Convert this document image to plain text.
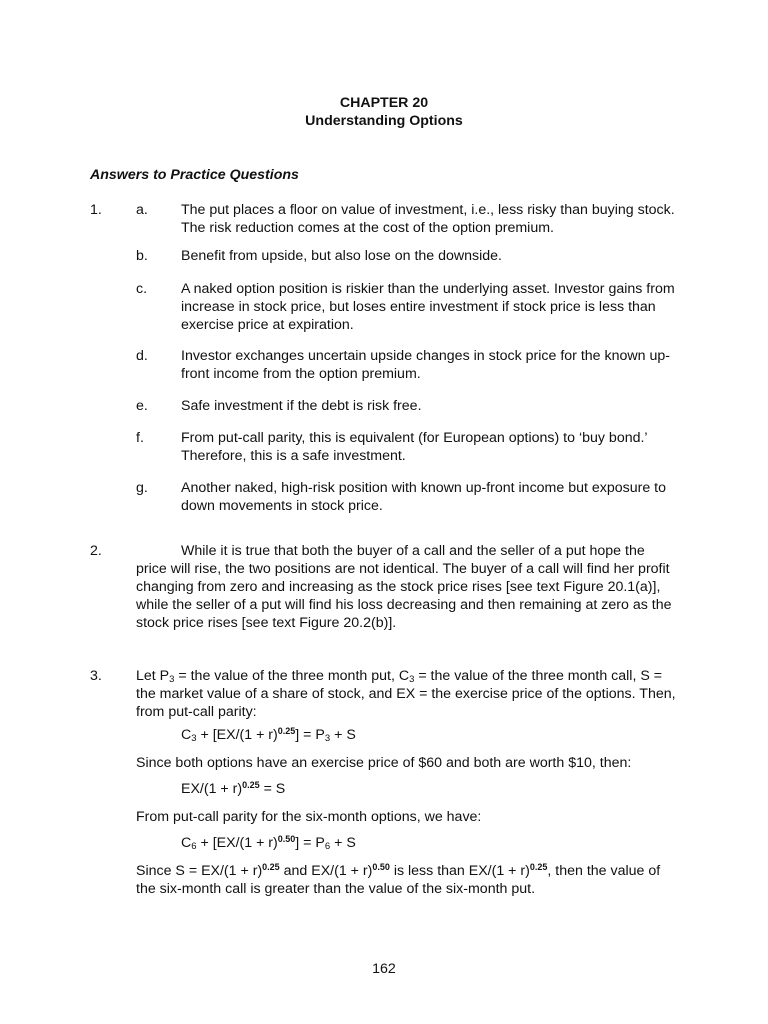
CHAPTER 20
Understanding Options
Answers to Practice Questions
1. a. The put places a floor on value of investment, i.e., less risky than buying stock. The risk reduction comes at the cost of the option premium.
b. Benefit from upside, but also lose on the downside.
c. A naked option position is riskier than the underlying asset. Investor gains from increase in stock price, but loses entire investment if stock price is less than exercise price at expiration.
d. Investor exchanges uncertain upside changes in stock price for the known up-front income from the option premium.
e. Safe investment if the debt is risk free.
f.	From put-call parity, this is equivalent (for European options) to ‘buy bond.’ Therefore, this is a safe investment.
g. Another naked, high-risk position with known up-front income but exposure to down movements in stock price.
2.	While it is true that both the buyer of a call and the seller of a put hope the price will rise, the two positions are not identical. The buyer of a call will find her profit changing from zero and increasing as the stock price rises [see text Figure 20.1(a)], while the seller of a put will find his loss decreasing and then remaining at zero as the stock price rises [see text Figure 20.2(b)].
3. Let $P_3$ = the value of the three month put, $C_3$ = the value of the three month call, S = the market value of a share of stock, and EX = the exercise price of the options. Then, from put-call parity:
$C_3 + [EX/(1 + r)^{0.25}] = P_3 + S$
Since both options have an exercise price of $60 and both are worth $10, then:
$EX/(1 + r)^{0.25} = S$
From put-call parity for the six-month options, we have:
$C_6 + [EX/(1 + r)^{0.50}] = P_6 + S$
Since $S = EX/(1 + r)^{0.25}$ and $EX/(1 + r)^{0.50}$ is less than $EX/(1 + r)^{0.25}$, then the value of the six-month call is greater than the value of the six-month put.
162
